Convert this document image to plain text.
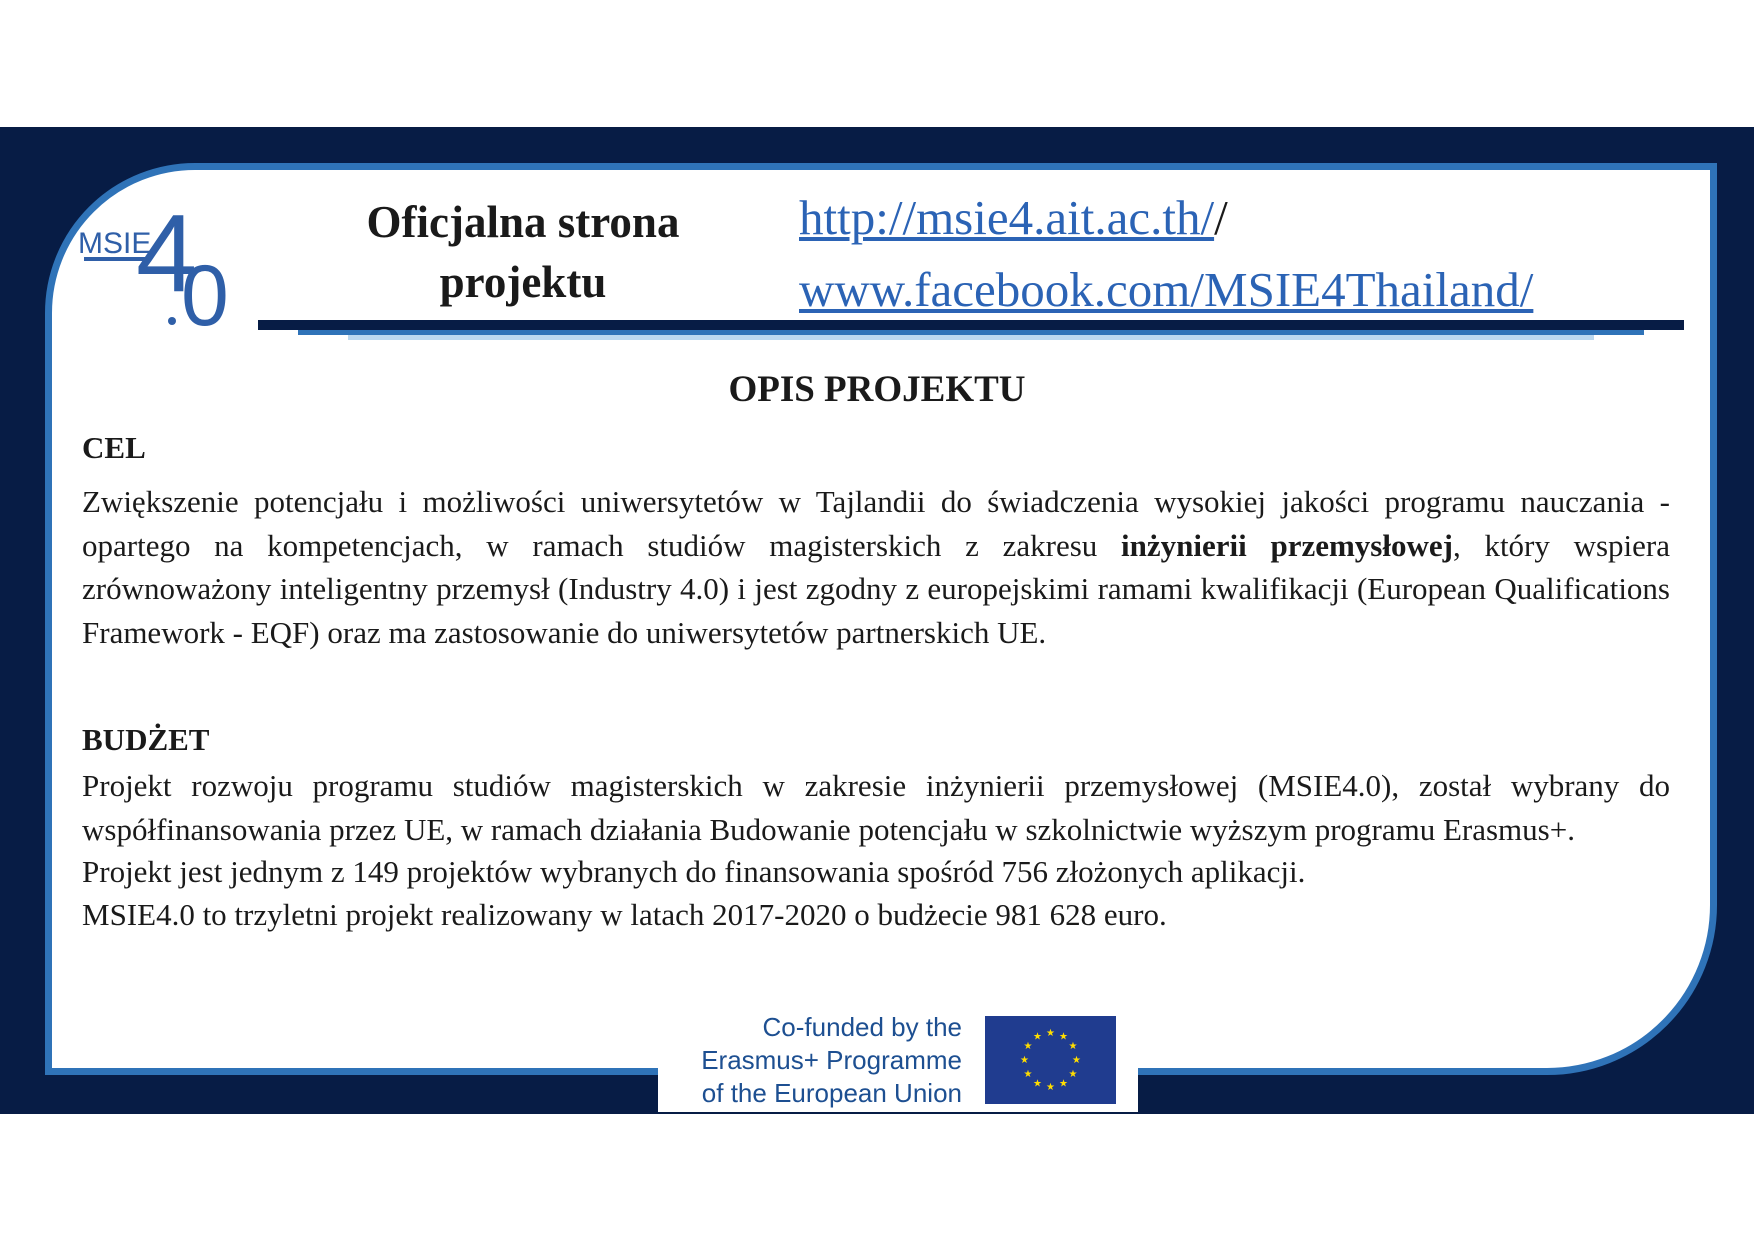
MSIE
4
0
Oficjalna strona
projektu
http://msie4.ait.ac.th//
www.facebook.com/MSIE4Thailand/
OPIS PROJEKTU
CEL
Zwiększenie potencjału i możliwości uniwersytetów w Tajlandii do świadczenia wysokiej jakości programu nauczania - opartego na kompetencjach, w ramach studiów magisterskich z zakresu inżynierii przemysłowej, który wspiera zrównoważony inteligentny przemysł (Industry 4.0) i jest zgodny z europejskimi ramami kwalifikacji (European Qualifications Framework - EQF) oraz ma zastosowanie do uniwersytetów partnerskich UE.
BUDŻET
Projekt rozwoju programu studiów magisterskich w zakresie inżynierii przemysłowej (MSIE4.0), został wybrany do współfinansowania przez UE, w ramach działania Budowanie potencjału w szkolnictwie wyższym programu Erasmus+.
Projekt jest jednym z 149 projektów wybranych do finansowania spośród 756 złożonych aplikacji.
MSIE4.0 to trzyletni projekt realizowany w latach 2017-2020 o budżecie 981 628 euro.
Co-funded by the
Erasmus+ Programme
of the European Union
★ ★
★
★
★
★
★
★
★
★
★
★
